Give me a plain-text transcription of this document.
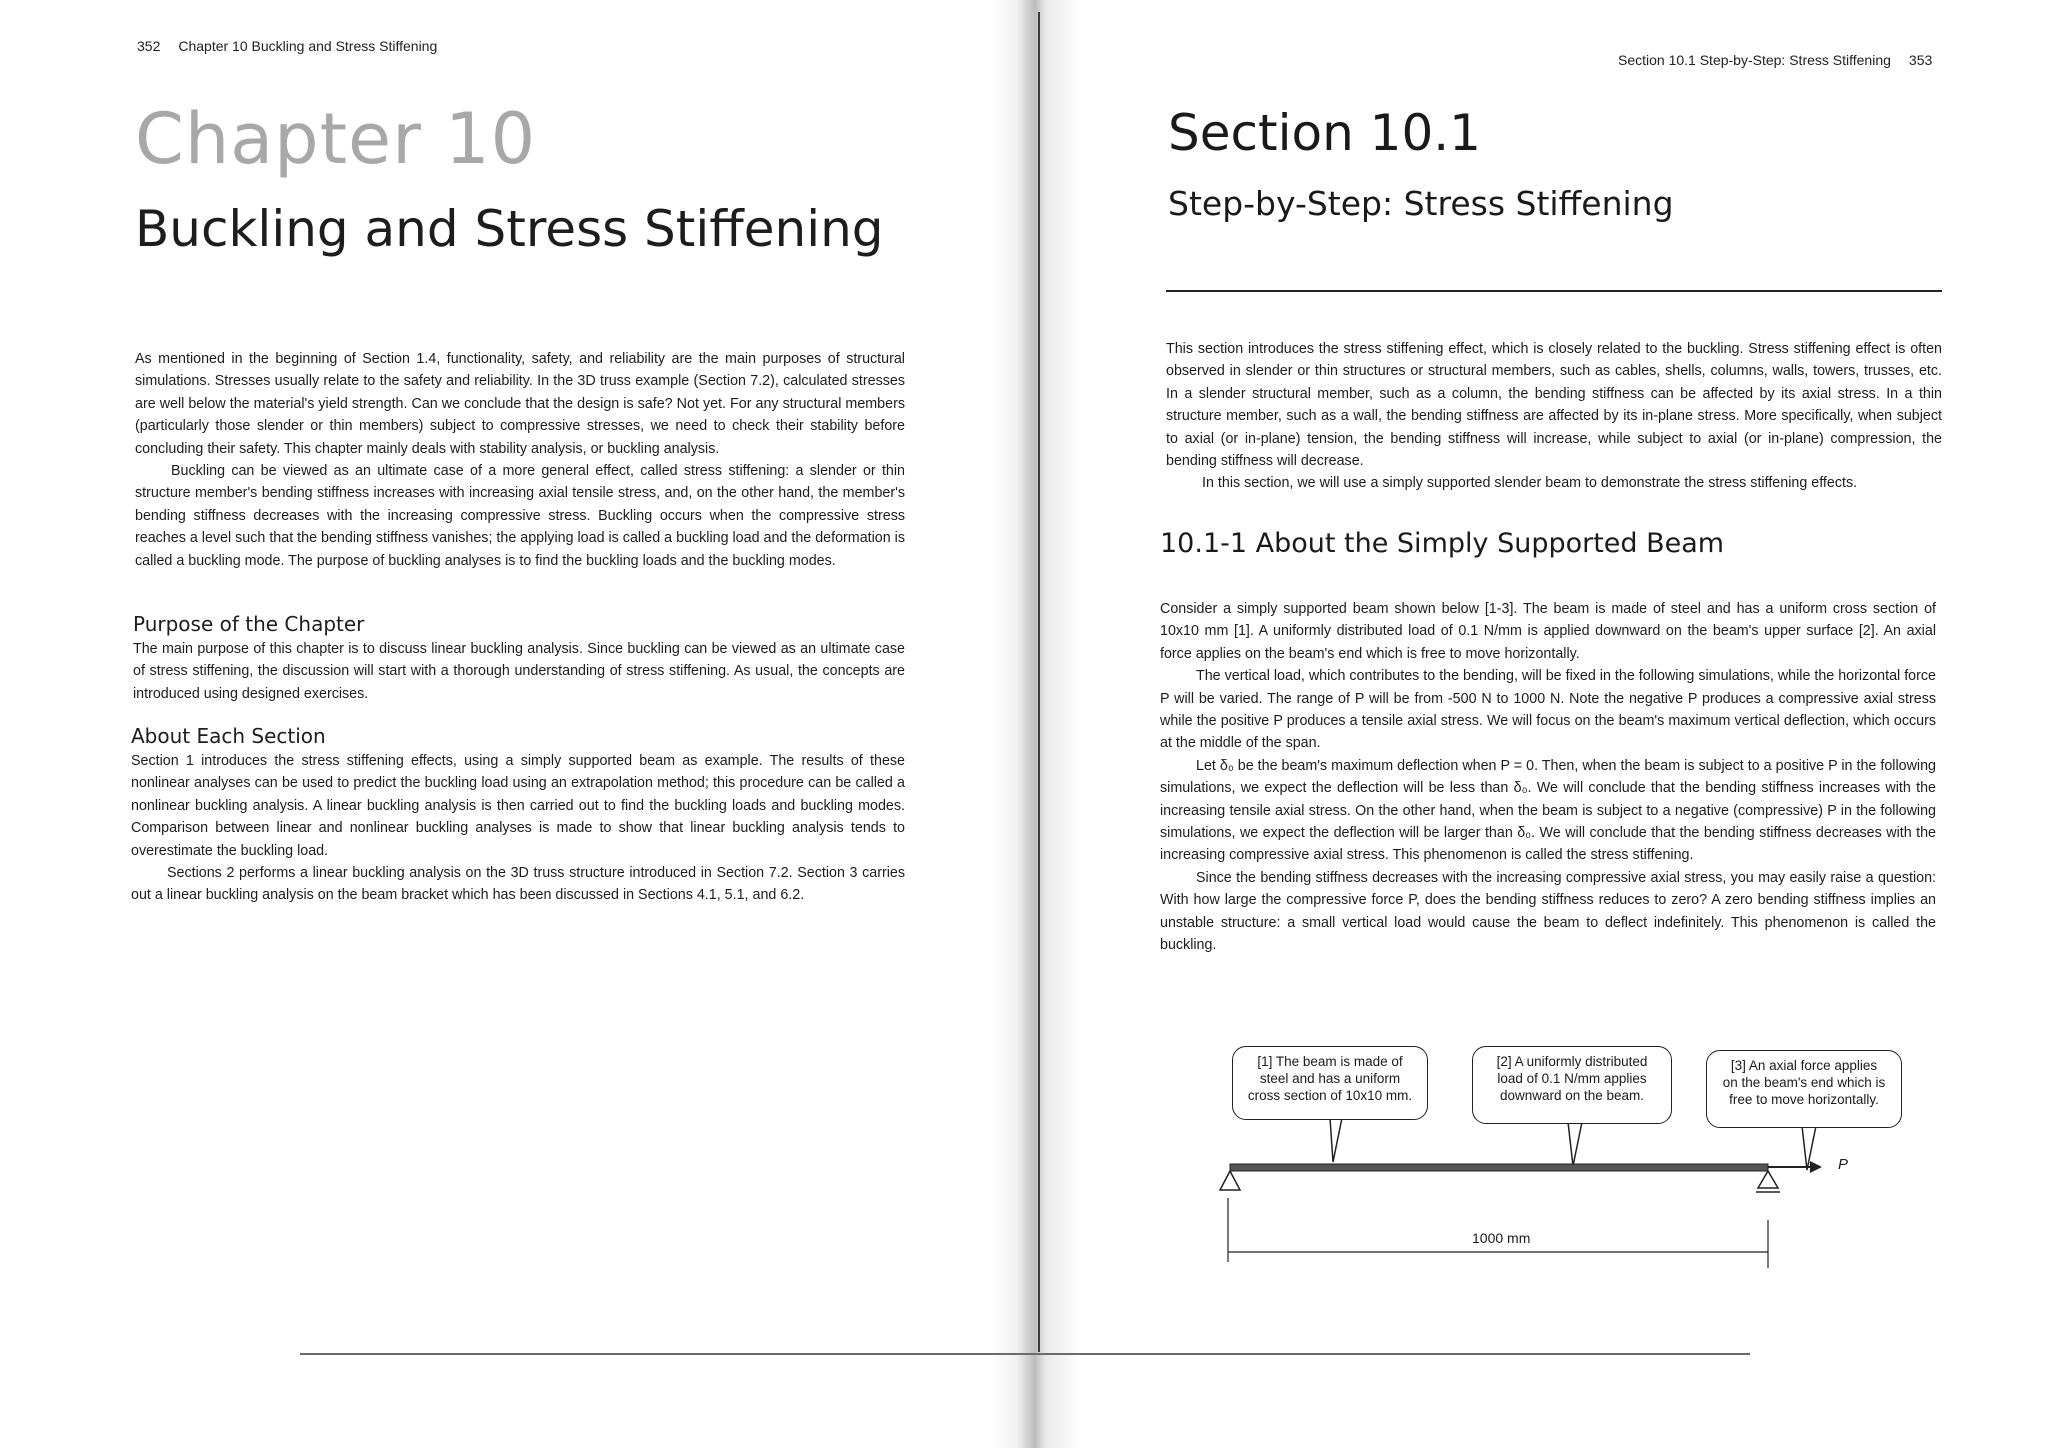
352 Chapter 10 Buckling and Stress Stiffening
Chapter 10
Buckling and Stress Stiffening

As mentioned in the beginning of Section 1.4, functionality, safety, and reliability are the main purposes of structural simulations. Stresses usually relate to the safety and reliability. In the 3D truss example (Section 7.2), calculated stresses are well below the material's yield strength. Can we conclude that the design is safe? Not yet. For any structural members (particularly those slender or thin members) subject to compressive stresses, we need to check their stability before concluding their safety. This chapter mainly deals with stability analysis, or buckling analysis.

Buckling can be viewed as an ultimate case of a more general effect, called stress stiffening: a slender or thin structure member's bending stiffness increases with increasing axial tensile stress, and, on the other hand, the member's bending stiffness decreases with the increasing compressive stress. Buckling occurs when the compressive stress reaches a level such that the bending stiffness vanishes; the applying load is called a buckling load and the deformation is called a buckling mode. The purpose of buckling analyses is to find the buckling loads and the buckling modes.

Purpose of the Chapter

The main purpose of this chapter is to discuss linear buckling analysis. Since buckling can be viewed as an ultimate case of stress stiffening, the discussion will start with a thorough understanding of stress stiffening. As usual, the concepts are introduced using designed exercises.

About Each Section

Section 1 introduces the stress stiffening effects, using a simply supported beam as example. The results of these nonlinear analyses can be used to predict the buckling load using an extrapolation method; this procedure can be called a nonlinear buckling analysis. A linear buckling analysis is then carried out to find the buckling loads and buckling modes. Comparison between linear and nonlinear buckling analyses is made to show that linear buckling analysis tends to overestimate the buckling load.

Sections 2 performs a linear buckling analysis on the 3D truss structure introduced in Section 7.2. Section 3 carries out a linear buckling analysis on the beam bracket which has been discussed in Sections 4.1, 5.1, and 6.2.

Section 10.1 Step-by-Step: Stress Stiffening 353
Section 10.1
Step-by-Step: Stress Stiffening

This section introduces the stress stiffening effect, which is closely related to the buckling. Stress stiffening effect is often observed in slender or thin structures or structural members, such as cables, shells, columns, walls, towers, trusses, etc. In a slender structural member, such as a column, the bending stiffness can be affected by its axial stress. In a thin structure member, such as a wall, the bending stiffness are affected by its in-plane stress. More specifically, when subject to axial (or in-plane) tension, the bending stiffness will increase, while subject to axial (or in-plane) compression, the bending stiffness will decrease.

In this section, we will use a simply supported slender beam to demonstrate the stress stiffening effects.

10.1-1 About the Simply Supported Beam

Consider a simply supported beam shown below [1-3]. The beam is made of steel and has a uniform cross section of 10x10 mm [1]. A uniformly distributed load of 0.1 N/mm is applied downward on the beam's upper surface [2]. An axial force applies on the beam's end which is free to move horizontally.

The vertical load, which contributes to the bending, will be fixed in the following simulations, while the horizontal force P will be varied. The range of P will be from -500 N to 1000 N. Note the negative P produces a compressive axial stress while the positive P produces a tensile axial stress. We will focus on the beam's maximum vertical deflection, which occurs at the middle of the span.

Let δ₀ be the beam's maximum deflection when P = 0. Then, when the beam is subject to a positive P in the following simulations, we expect the deflection will be less than δ₀. We will conclude that the bending stiffness increases with the increasing tensile axial stress. On the other hand, when the beam is subject to a negative (compressive) P in the following simulations, we expect the deflection will be larger than δ₀. We will conclude that the bending stiffness decreases with the increasing compressive axial stress. This phenomenon is called the stress stiffening.

Since the bending stiffness decreases with the increasing compressive axial stress, you may easily raise a question: With how large the compressive force P, does the bending stiffness reduces to zero? A zero bending stiffness implies an unstable structure: a small vertical load would cause the beam to deflect indefinitely. This phenomenon is called the buckling.

[1] The beam is made of
steel and has a uniform
cross section of 10x10 mm.
[2] A uniformly distributed
load of 0.1 N/mm applies
downward on the beam.
[3] An axial force applies
on the beam's end which is
free to move horizontally.
P
1000 mm
